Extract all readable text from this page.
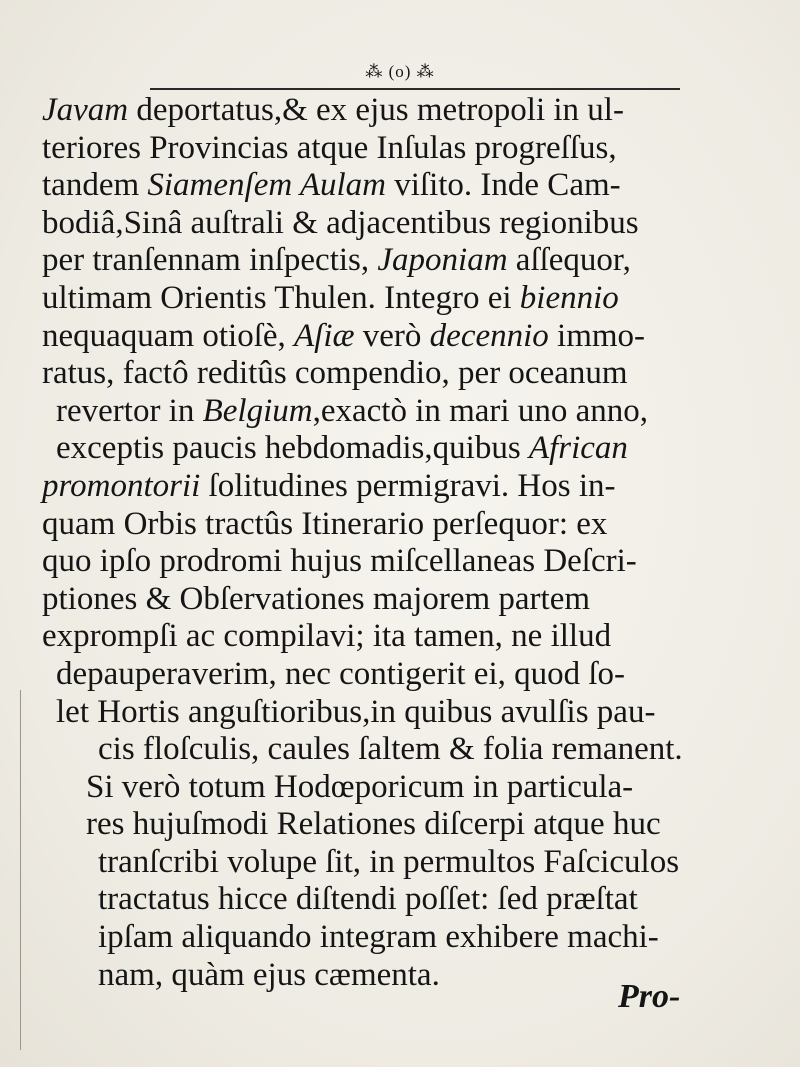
⁂ (o) ⁂
Javam deportatus,& ex ejus metropoli in ul-
teriores Provincias atque Inſulas progreſſus,
tandem Siamenſem Aulam viſito. Inde Cam-
bodiâ,Sinâ auſtrali & adjacentibus regionibus
per tranſennam inſpectis, Japoniam aſſequor,
ultimam Orientis Thulen. Integro ei biennio
nequaquam otioſè, Aſiæ verò decennio immo-
ratus, factô reditûs compendio, per oceanum
revertor in Belgium,exactò in mari uno anno,
exceptis paucis hebdomadis,quibus African
promontorii ſolitudines permigravi. Hos in-
quam Orbis tractûs Itinerario perſequor: ex
quo ipſo prodromi hujus miſcellaneas Deſcri-
ptiones & Obſervationes majorem partem
exprompſi ac compilavi; ita tamen, ne illud
depauperaverim, nec contigerit ei, quod ſo-
let Hortis anguſtioribus,in quibus avulſis pau-
cis floſculis, caules ſaltem & folia remanent.
Si verò totum Hodœporicum in particula-
res hujuſmodi Relationes diſcerpi atque huc
tranſcribi volupe ſit, in permultos Faſciculos
tractatus hicce diſtendi poſſet: ſed præſtat
ipſam aliquando integram exhibere machi-
nam, quàm ejus cæmenta.
Pro-
